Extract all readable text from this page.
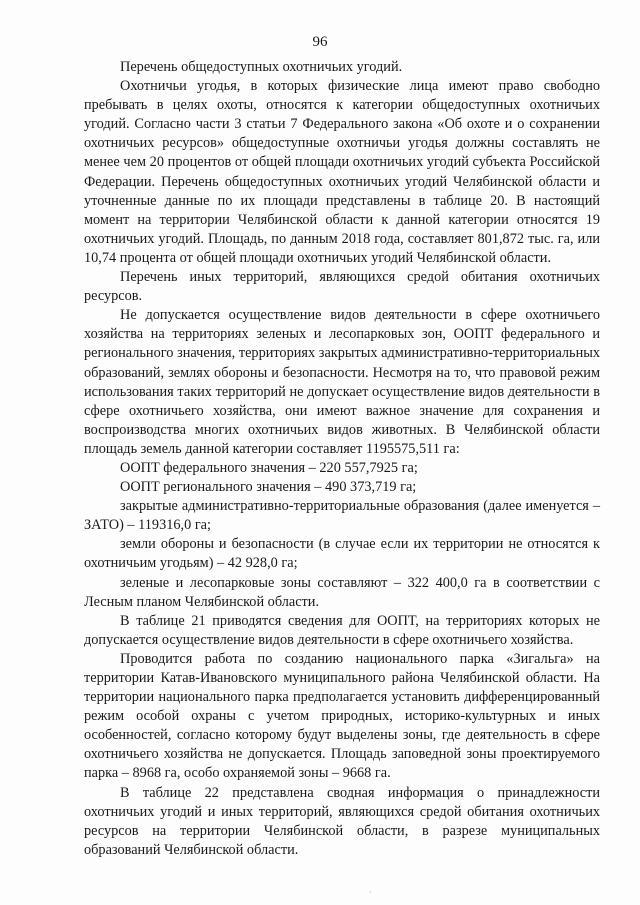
96

Перечень общедоступных охотничьих угодий.

Охотничьи угодья, в которых физические лица имеют право свободно пребывать в целях охоты, относятся к категории общедоступных охотничьих угодий. Согласно части 3 статьи 7 Федерального закона «Об охоте и о сохранении охотничьих ресурсов» общедоступные охотничьи угодья должны составлять не менее чем 20 процентов от общей площади охотничьих угодий субъекта Российской Федерации. Перечень общедоступных охотничьих угодий Челябинской области и уточненные данные по их площади представлены в таблице 20. В настоящий момент на территории Челябинской области к данной категории относятся 19 охотничьих угодий. Площадь, по данным 2018 года, составляет 801,872 тыс. га, или 10,74 процента от общей площади охотничьих угодий Челябинской области.

Перечень иных территорий, являющихся средой обитания охотничьих ресурсов.

Не допускается осуществление видов деятельности в сфере охотничьего хозяйства на территориях зеленых и лесопарковых зон, ООПТ федерального и регионального значения, территориях закрытых административно-территориальных образований, землях обороны и безопасности. Несмотря на то, что правовой режим использования таких территорий не допускает осуществление видов деятельности в сфере охотничьего хозяйства, они имеют важное значение для сохранения и воспроизводства многих охотничьих видов животных. В Челябинской области площадь земель данной категории составляет 1195575,511 га:

ООПТ федерального значения – 220 557,7925 га;

ООПТ регионального значения – 490 373,719 га;

закрытые административно-территориальные образования (далее именуется – ЗАТО) – 119316,0 га;

земли обороны и безопасности (в случае если их территории не относятся к охотничьим угодьям) – 42 928,0 га;

зеленые и лесопарковые зоны составляют – 322 400,0 га в соответствии с Лесным планом Челябинской области.

В таблице 21 приводятся сведения для ООПТ, на территориях которых не допускается осуществление видов деятельности в сфере охотничьего хозяйства.

Проводится работа по созданию национального парка «Зигальга» на территории Катав-Ивановского муниципального района Челябинской области. На территории национального парка предполагается установить дифференцированный режим особой охраны с учетом природных, историко-культурных и иных особенностей, согласно которому будут выделены зоны, где деятельность в сфере охотничьего хозяйства не допускается. Площадь заповедной зоны проектируемого парка – 8968 га, особо охраняемой зоны – 9668 га.

В таблице 22 представлена сводная информация о принадлежности охотничьих угодий и иных территорий, являющихся средой обитания охотничьих ресурсов на территории Челябинской области, в разрезе муниципальных образований Челябинской области.

·
